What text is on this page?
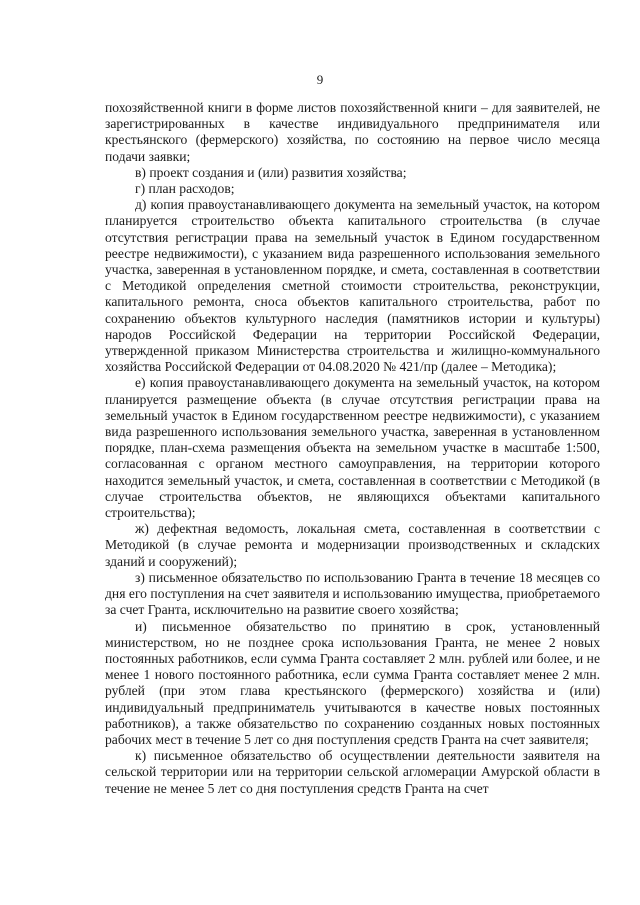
9

похозяйственной книги в форме листов похозяйственной книги – для заявителей, не зарегистрированных в качестве индивидуального предпринимателя или крестьянского (фермерского) хозяйства, по состоянию на первое число месяца подачи заявки;

в) проект создания и (или) развития хозяйства;

г) план расходов;

д) копия правоустанавливающего документа на земельный участок, на котором планируется строительство объекта капитального строительства (в случае отсутствия регистрации права на земельный участок в Едином государственном реестре недвижимости), с указанием вида разрешенного использования земельного участка, заверенная в установленном порядке, и смета, составленная в соответствии с Методикой определения сметной стоимости строительства, реконструкции, капитального ремонта, сноса объектов капитального строительства, работ по сохранению объектов культурного наследия (памятников истории и культуры) народов Российской Федерации на территории Российской Федерации, утвержденной приказом Министерства строительства и жилищно-коммунального хозяйства Российской Федерации от 04.08.2020 № 421/пр (далее – Методика);

е) копия правоустанавливающего документа на земельный участок, на котором планируется размещение объекта (в случае отсутствия регистрации права на земельный участок в Едином государственном реестре недвижимости), с указанием вида разрешенного использования земельного участка, заверенная в установленном порядке, план-схема размещения объекта на земельном участке в масштабе 1:500, согласованная с органом местного самоуправления, на территории которого находится земельный участок, и смета, составленная в соответствии с Методикой (в случае строительства объектов, не являющихся объектами капитального строительства);

ж) дефектная ведомость, локальная смета, составленная в соответствии с Методикой (в случае ремонта и модернизации производственных и складских зданий и сооружений);

з) письменное обязательство по использованию Гранта в течение 18 месяцев со дня его поступления на счет заявителя и использованию имущества, приобретаемого за счет Гранта, исключительно на развитие своего хозяйства;

и) письменное обязательство по принятию в срок, установленный министерством, но не позднее срока использования Гранта, не менее 2 новых постоянных работников, если сумма Гранта составляет 2 млн. рублей или более, и не менее 1 нового постоянного работника, если сумма Гранта составляет менее 2 млн. рублей (при этом глава крестьянского (фермерского) хозяйства и (или) индивидуальный предприниматель учитываются в качестве новых постоянных работников), а также обязательство по сохранению созданных новых постоянных рабочих мест в течение 5 лет со дня поступления средств Гранта на счет заявителя;

к) письменное обязательство об осуществлении деятельности заявителя на сельской территории или на территории сельской агломерации Амурской области в течение не менее 5 лет со дня поступления средств Гранта на счет
